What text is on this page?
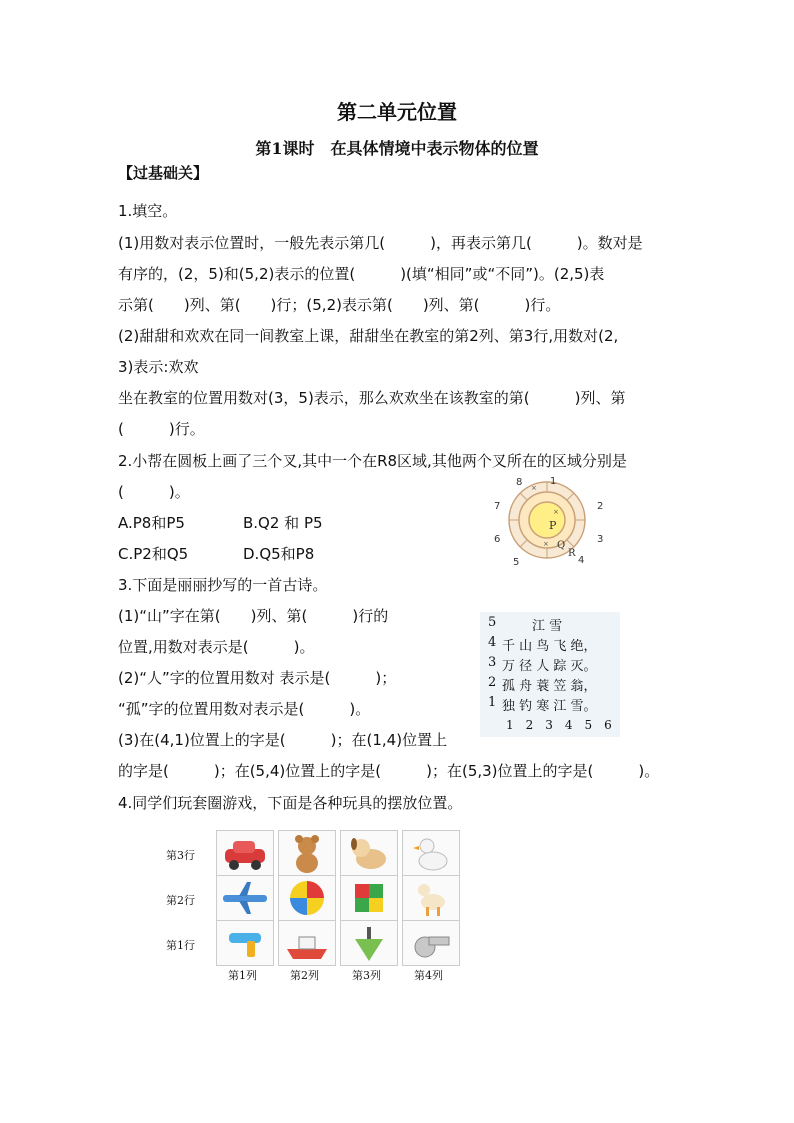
第二单元位置
第1课时　在具体情境中表示物体的位置
【过基础关】
1.填空。
(1)用数对表示位置时，一般先表示第几(　　　)，再表示第几(　　　)。数对是
有序的，(2，5)和(5,2)表示的位置(　　　)(填“相同”或“不同”)。(2,5)表
示第(　　)列、第(　　)行；(5,2)表示第(　　)列、第(　　　)行。
(2)甜甜和欢欢在同一间教室上课，甜甜坐在教室的第2列、第3行,用数对(2,
3)表示:欢欢
坐在教室的位置用数对(3，5)表示，那么欢欢坐在该教室的第(　　　)列、第
(　　　)行。
2.小帮在圆板上画了三个叉,其中一个在R8区域,其他两个叉所在的区域分别是
(　　　)。
A.P8和P5	B.Q2 和 P5
C.P2和Q5	D.Q5和P8
P
Q
R
8	1
2
3
4
5
6
7
×
×
×
3.下面是丽丽抄写的一首古诗。
(1)“山”字在第(　　)列、第(　　　)行的
位置,用数对表示是(　　　)。
(2)“人”字的位置用数对 表示是(　　　)；
“孤”字的位置用数对表示是(　　　)。
(3)在(4,1)位置上的字是(　　　)；在(1,4)位置上
的字是(　　　)；在(5,4)位置上的字是(　　　)；在(5,3)位置上的字是(　　　)。
5	江 雪
4 千 山 鸟 飞 绝，
3 万 径 人 踪 灭。
2 孤 舟 蓑 笠 翁，
1 独 钓 寒 江 雪。
1　2　3　4　5　6
4.同学们玩套圈游戏，下面是各种玩具的摆放位置。
第3行
第2行
第1行
第1列	第2列	第3列	第4列
